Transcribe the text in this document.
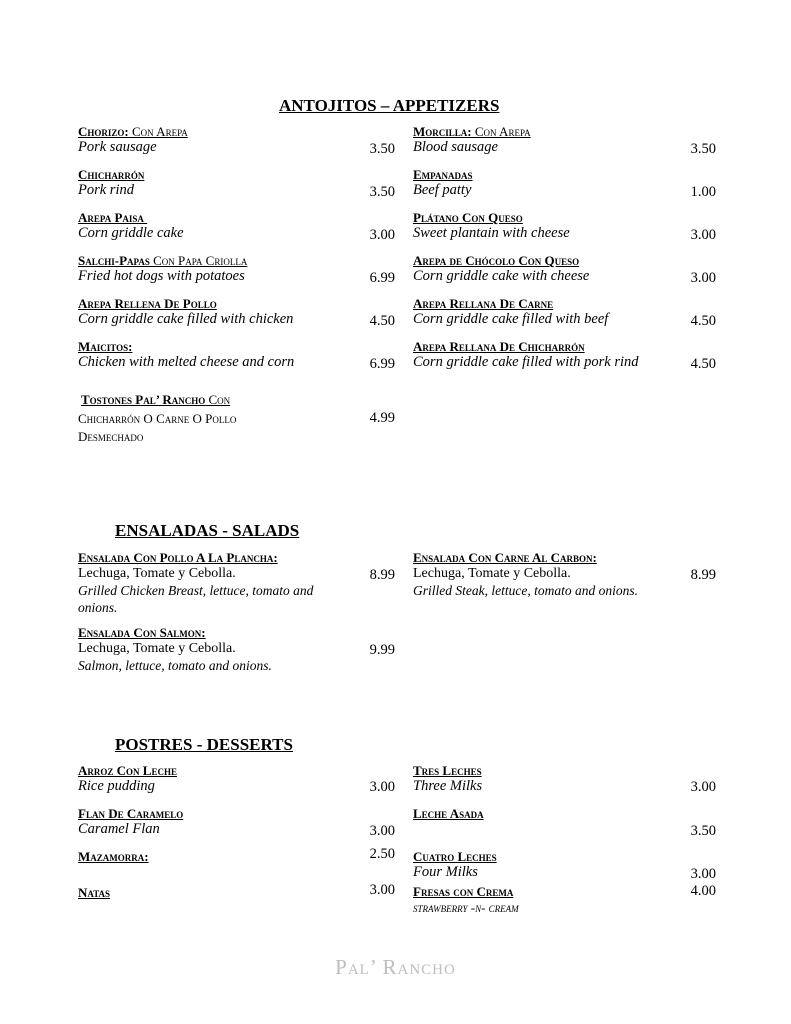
ANTOJITOS – APPETIZERS
Chorizo: Con Arepa
Pork sausage	3.50
Chicharrón
Pork rind	3.50
Arepa Paisa
Corn griddle cake	3.00
Salchi-Papas Con Papa Criolla
Fried hot dogs with potatoes	6.99
Arepa Rellena De Pollo
Corn griddle cake filled with chicken	4.50
Maicitos:
Chicken with melted cheese and corn	6.99
Tostones Pal’ Rancho Con
Chicharrón O Carne O Pollo
Desmechado
4.99
Morcilla: Con Arepa
Blood sausage	3.50
Empanadas
Beef patty	1.00
Plátano Con Queso
Sweet plantain with cheese	3.00
Arepa de Chócolo Con Queso
Corn griddle cake with cheese	3.00
Arepa Rellana De Carne
Corn griddle cake filled with beef	4.50
Arepa Rellana De Chicharrón
Corn griddle cake filled with pork rind	4.50
ENSALADAS - SALADS
Ensalada Con Pollo A La Plancha:
Lechuga, Tomate y Cebolla.
Grilled Chicken Breast, lettuce, tomato and
onions.
8.99
Ensalada Con Salmon:
Lechuga, Tomate y Cebolla.
Salmon, lettuce, tomato and onions.
9.99
Ensalada Con Carne Al Carbon:
Lechuga, Tomate y Cebolla.
Grilled Steak, lettuce, tomato and onions.
8.99
POSTRES - DESSERTS
Arroz Con Leche
Rice pudding	3.00
Flan De Caramelo
Caramel Flan	3.00
Mazamorra:	2.50
Natas	3.00
Tres Leches
Three Milks	3.00
Leche Asada
3.50
Cuatro Leches
Four Milks	3.00
Fresas con Crema
strawberry -n- cream
4.00
Pal’ Rancho
